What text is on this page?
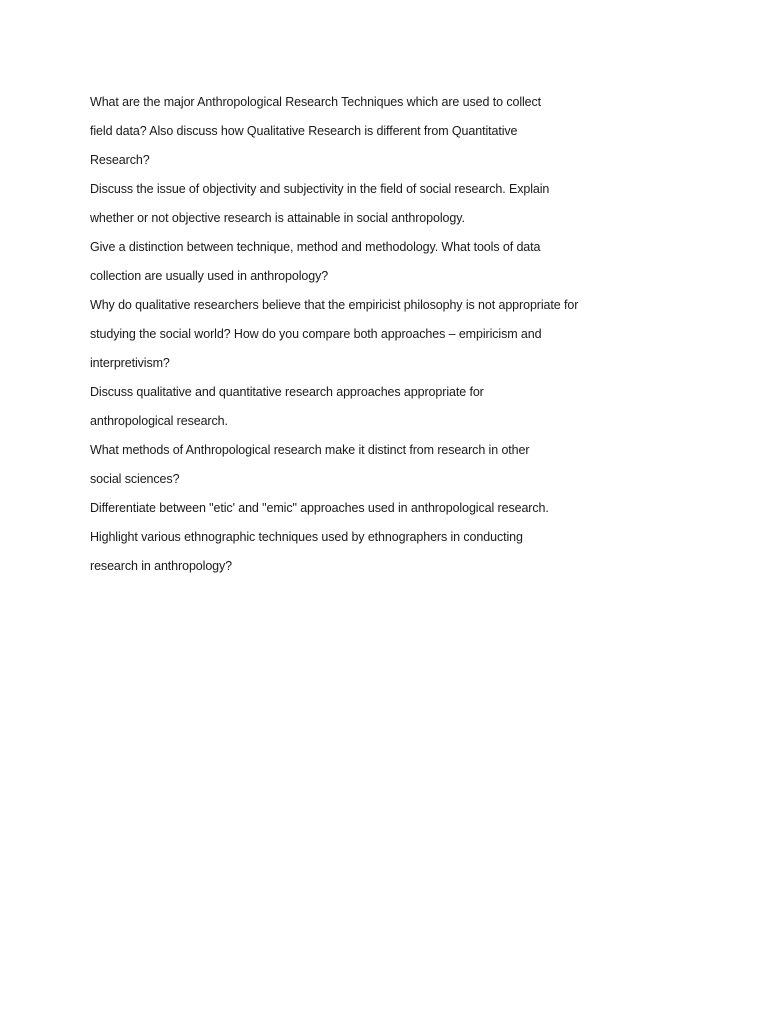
What are the major Anthropological Research Techniques which are used to collect
field data? Also discuss how Qualitative Research is different from Quantitative
Research?
Discuss the issue of objectivity and subjectivity in the field of social research. Explain
whether or not objective research is attainable in social anthropology.
Give a distinction between technique, method and methodology. What tools of data
collection are usually used in anthropology?
Why do qualitative researchers believe that the empiricist philosophy is not appropriate for
studying the social world? How do you compare both approaches – empiricism and
interpretivism?
Discuss qualitative and quantitative research approaches appropriate for
anthropological research.
What methods of Anthropological research make it distinct from research in other
social sciences?
Differentiate between "etic' and "emic" approaches used in anthropological research.
Highlight various ethnographic techniques used by ethnographers in conducting
research in anthropology?
